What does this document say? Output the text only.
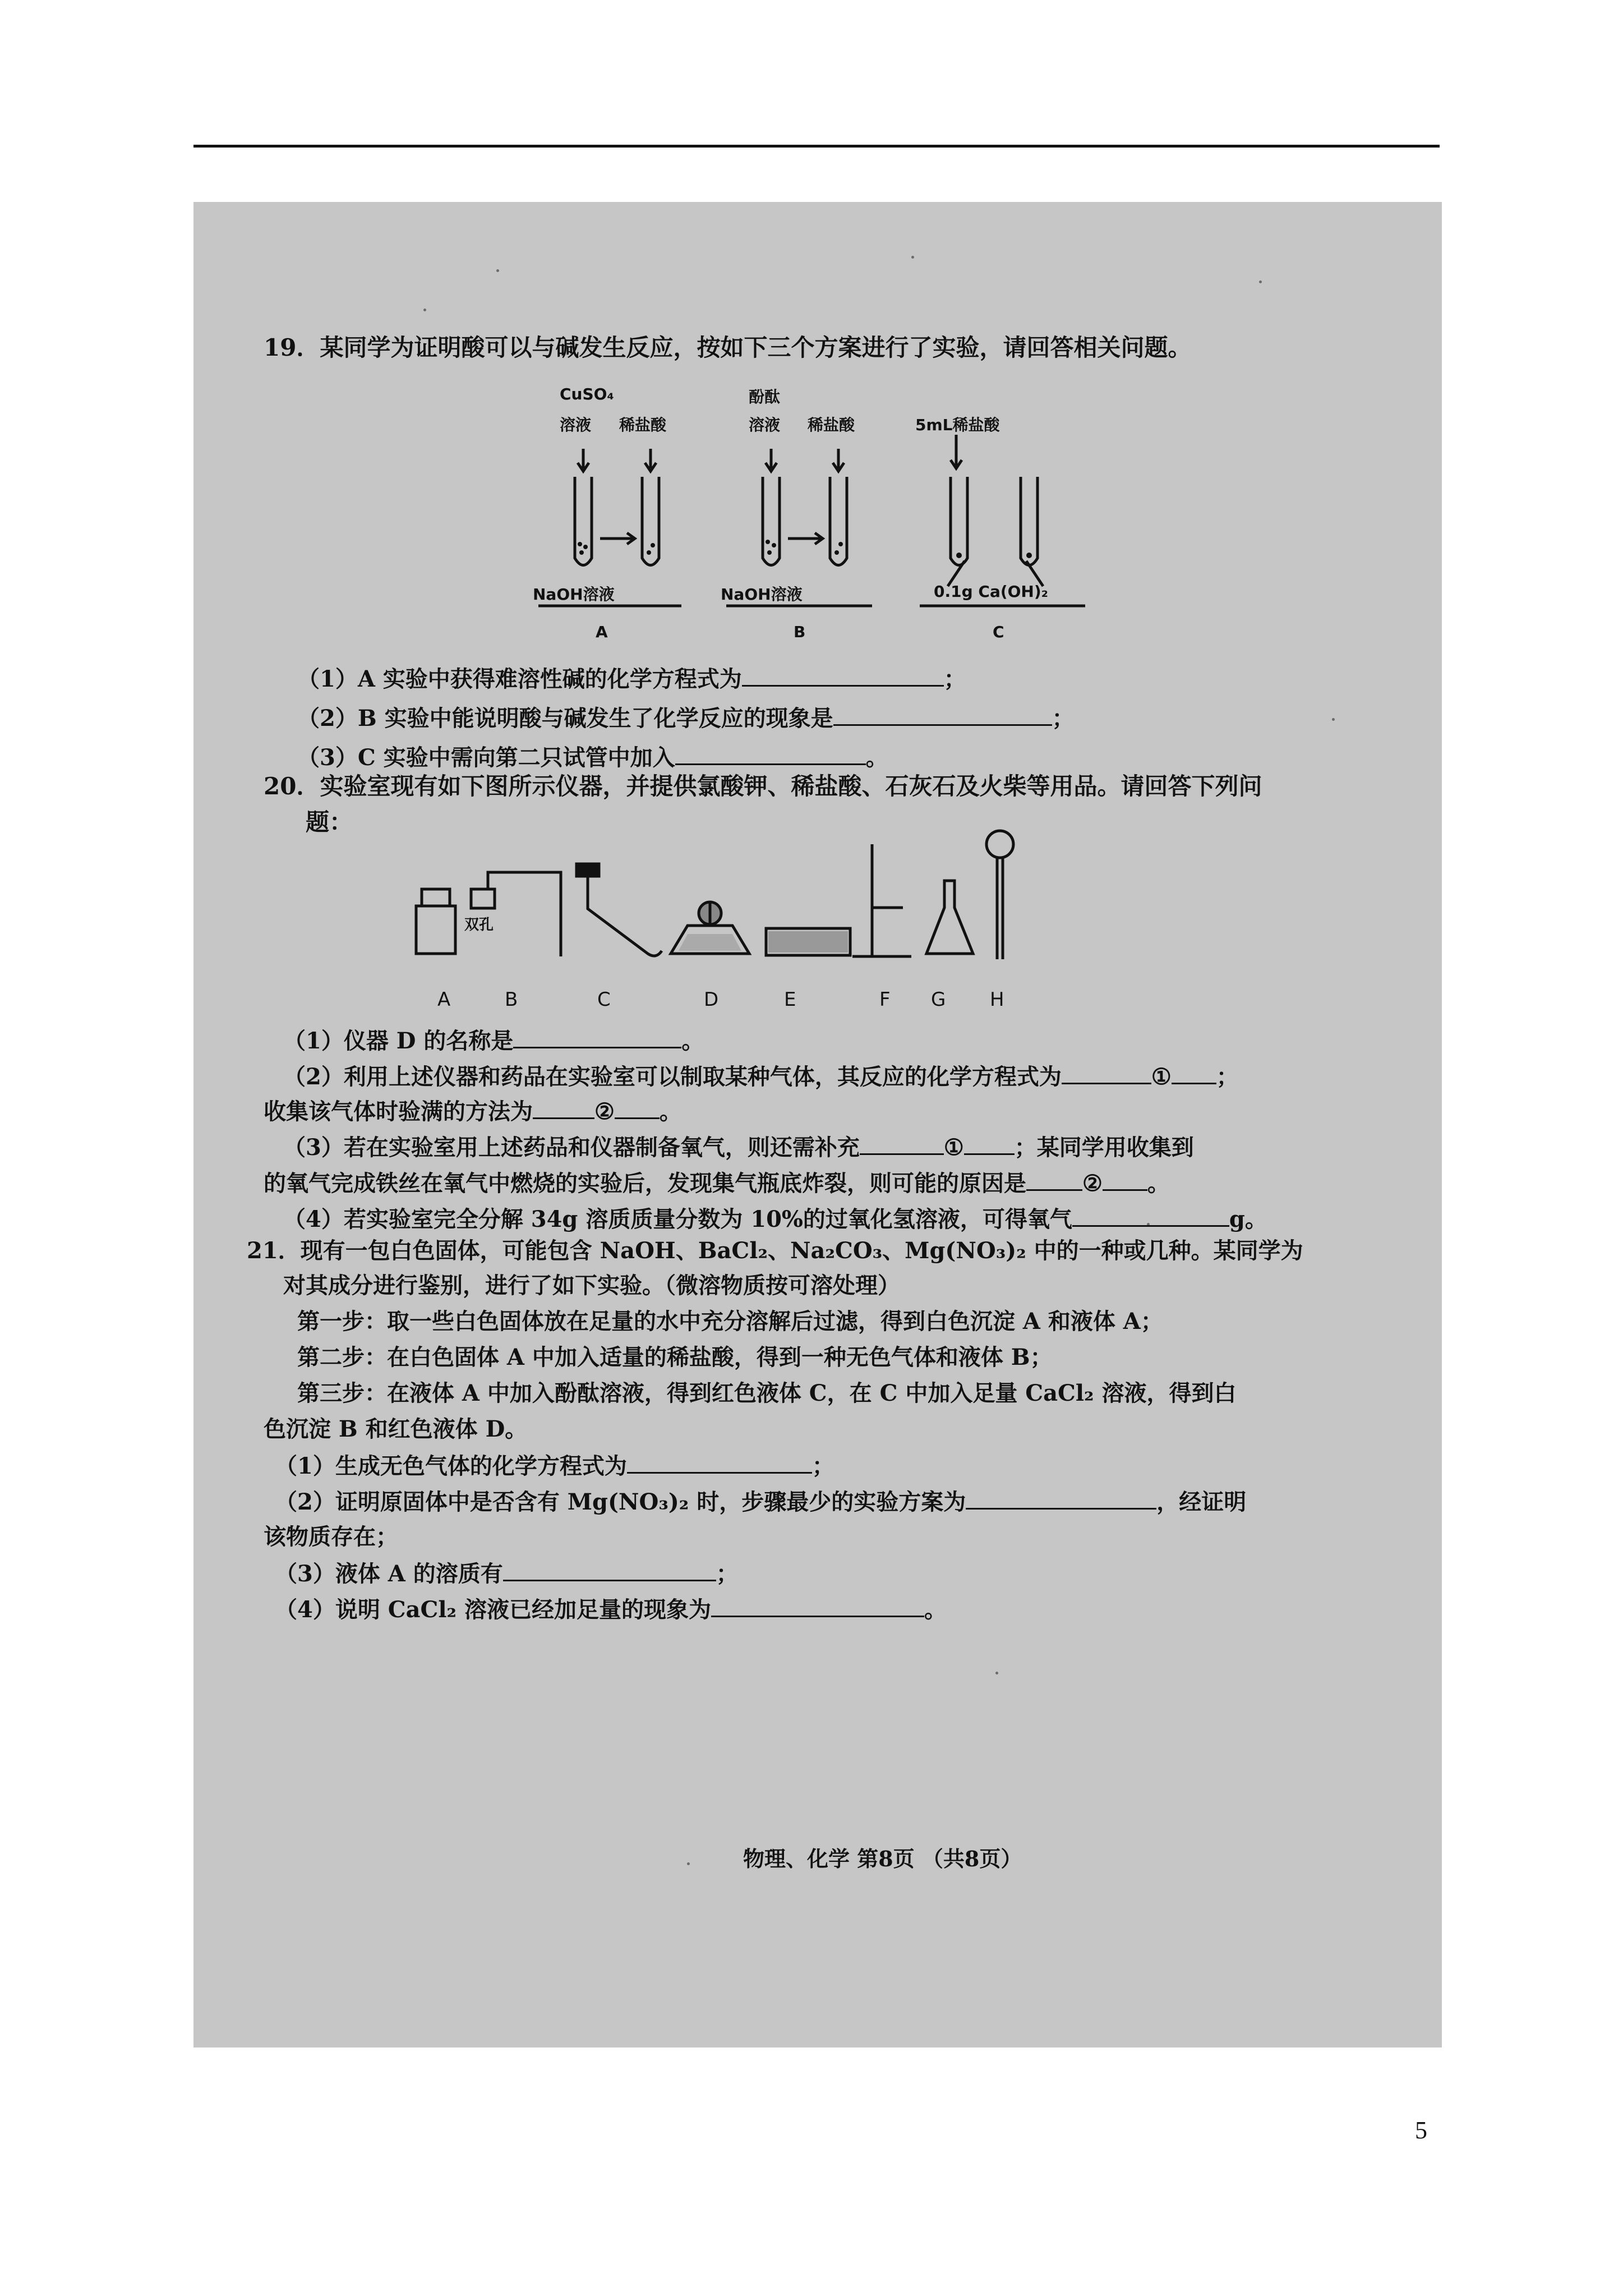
19．某同学为证明酸可以与碱发生反应，按如下三个方案进行了实验，请回答相关问题。
CuSO₄
溶液 稀盐酸
NaOH溶液
A
酚酞
溶液 稀盐酸
NaOH溶液
B
5mL稀盐酸
0.1g Ca(OH)₂
C
（1）A 实验中获得难溶性碱的化学方程式为	；
（2）B 实验中能说明酸与碱发生了化学反应的现象是	；
（3）C 实验中需向第二只试管中加入	。
20．实验室现有如下图所示仪器，并提供氯酸钾、稀盐酸、石灰石及火柴等用品。请回答下列问
题：
双孔
A	B	C	D	E	F G H
（1）仪器 D 的名称是	。
（2）利用上述仪器和药品在实验室可以制取某种气体，其反应的化学方程式为	① ；
收集该气体时验满的方法为	② 。
（3）若在实验室用上述药品和仪器制备氧气，则还需补充	① ；某同学用收集到
的氧气完成铁丝在氧气中燃烧的实验后，发现集气瓶底炸裂，则可能的原因是	② 。
（4）若实验室完全分解 34g 溶质质量分数为 10%的过氧化氢溶液，可得氧气	g。
21．现有一包白色固体，可能包含 NaOH、BaCl₂、Na₂CO₃、Mg(NO₃)₂ 中的一种或几种。某同学为
对其成分进行鉴别，进行了如下实验。（微溶物质按可溶处理）
第一步：取一些白色固体放在足量的水中充分溶解后过滤，得到白色沉淀 A 和液体 A；
第二步：在白色固体 A 中加入适量的稀盐酸，得到一种无色气体和液体 B；
第三步：在液体 A 中加入酚酞溶液，得到红色液体 C，在 C 中加入足量 CaCl₂ 溶液，得到白
色沉淀 B 和红色液体 D。
（1）生成无色气体的化学方程式为	；
（2）证明原固体中是否含有 Mg(NO₃)₂ 时，步骤最少的实验方案为	，经证明
该物质存在；
（3）液体 A 的溶质有	；
（4）说明 CaCl₂ 溶液已经加足量的现象为	。
物理、化学 第8页 （共8页）
5
